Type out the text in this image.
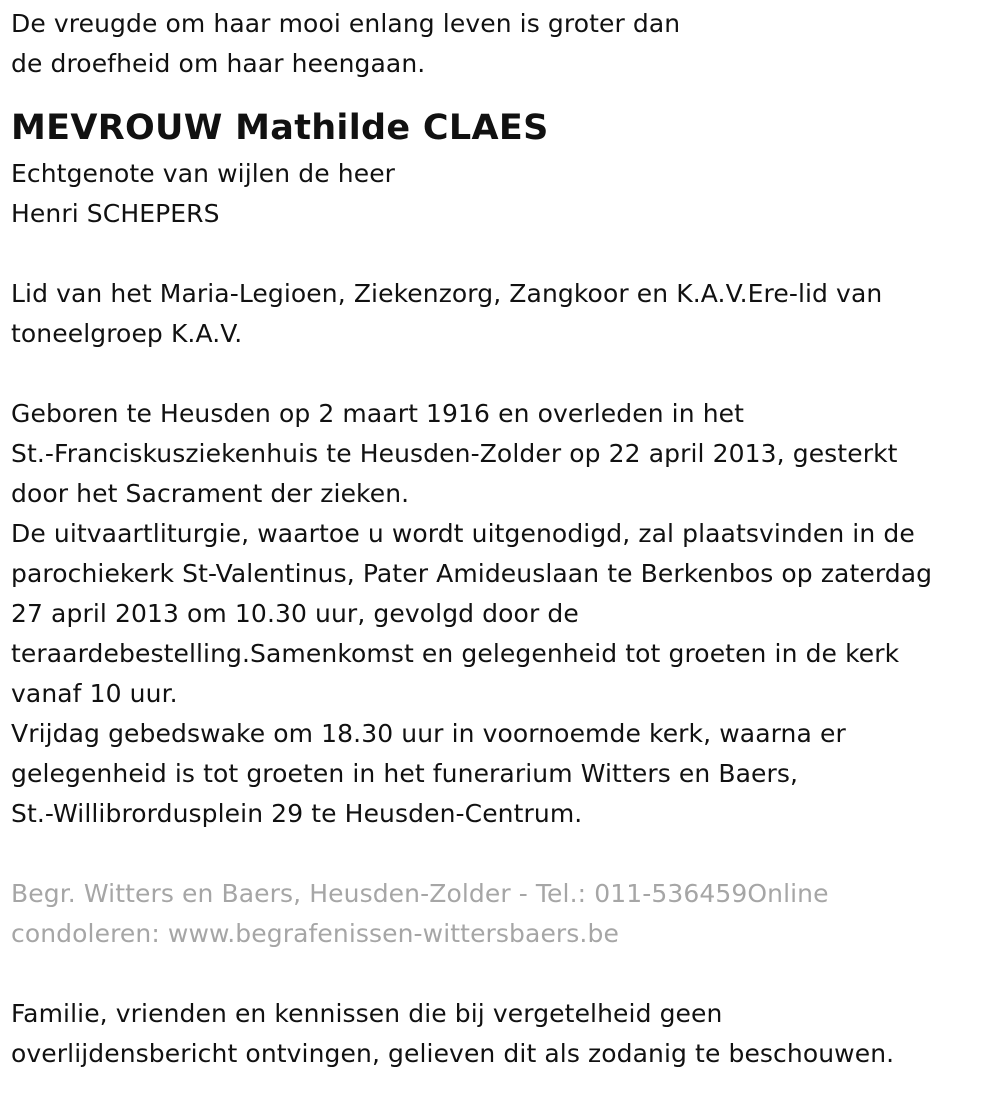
De vreugde om haar mooi enlang leven is groter dan
de droefheid om haar heengaan.

MEVROUW Mathilde CLAES

Echtgenote van wijlen de heer
Henri SCHEPERS

Lid van het Maria-Legioen, Ziekenzorg, Zangkoor en K.A.V.Ere-lid van
toneelgroep K.A.V.

Geboren te Heusden op 2 maart 1916 en overleden in het
St.-Franciskusziekenhuis te Heusden-Zolder op 22 april 2013, gesterkt
door het Sacrament der zieken.
De uitvaartliturgie, waartoe u wordt uitgenodigd, zal plaatsvinden in de
parochiekerk St-Valentinus, Pater Amideuslaan te Berkenbos op zaterdag
27 april 2013 om 10.30 uur, gevolgd door de
teraardebestelling.Samenkomst en gelegenheid tot groeten in de kerk
vanaf 10 uur.
Vrijdag gebedswake om 18.30 uur in voornoemde kerk, waarna er
gelegenheid is tot groeten in het funerarium Witters en Baers,
St.-Willibrordusplein 29 te Heusden-Centrum.

Begr. Witters en Baers, Heusden-Zolder - Tel.: 011-536459Online
condoleren: www.begrafenissen-wittersbaers.be

Familie, vrienden en kennissen die bij vergetelheid geen
overlijdensbericht ontvingen, gelieven dit als zodanig te beschouwen.
